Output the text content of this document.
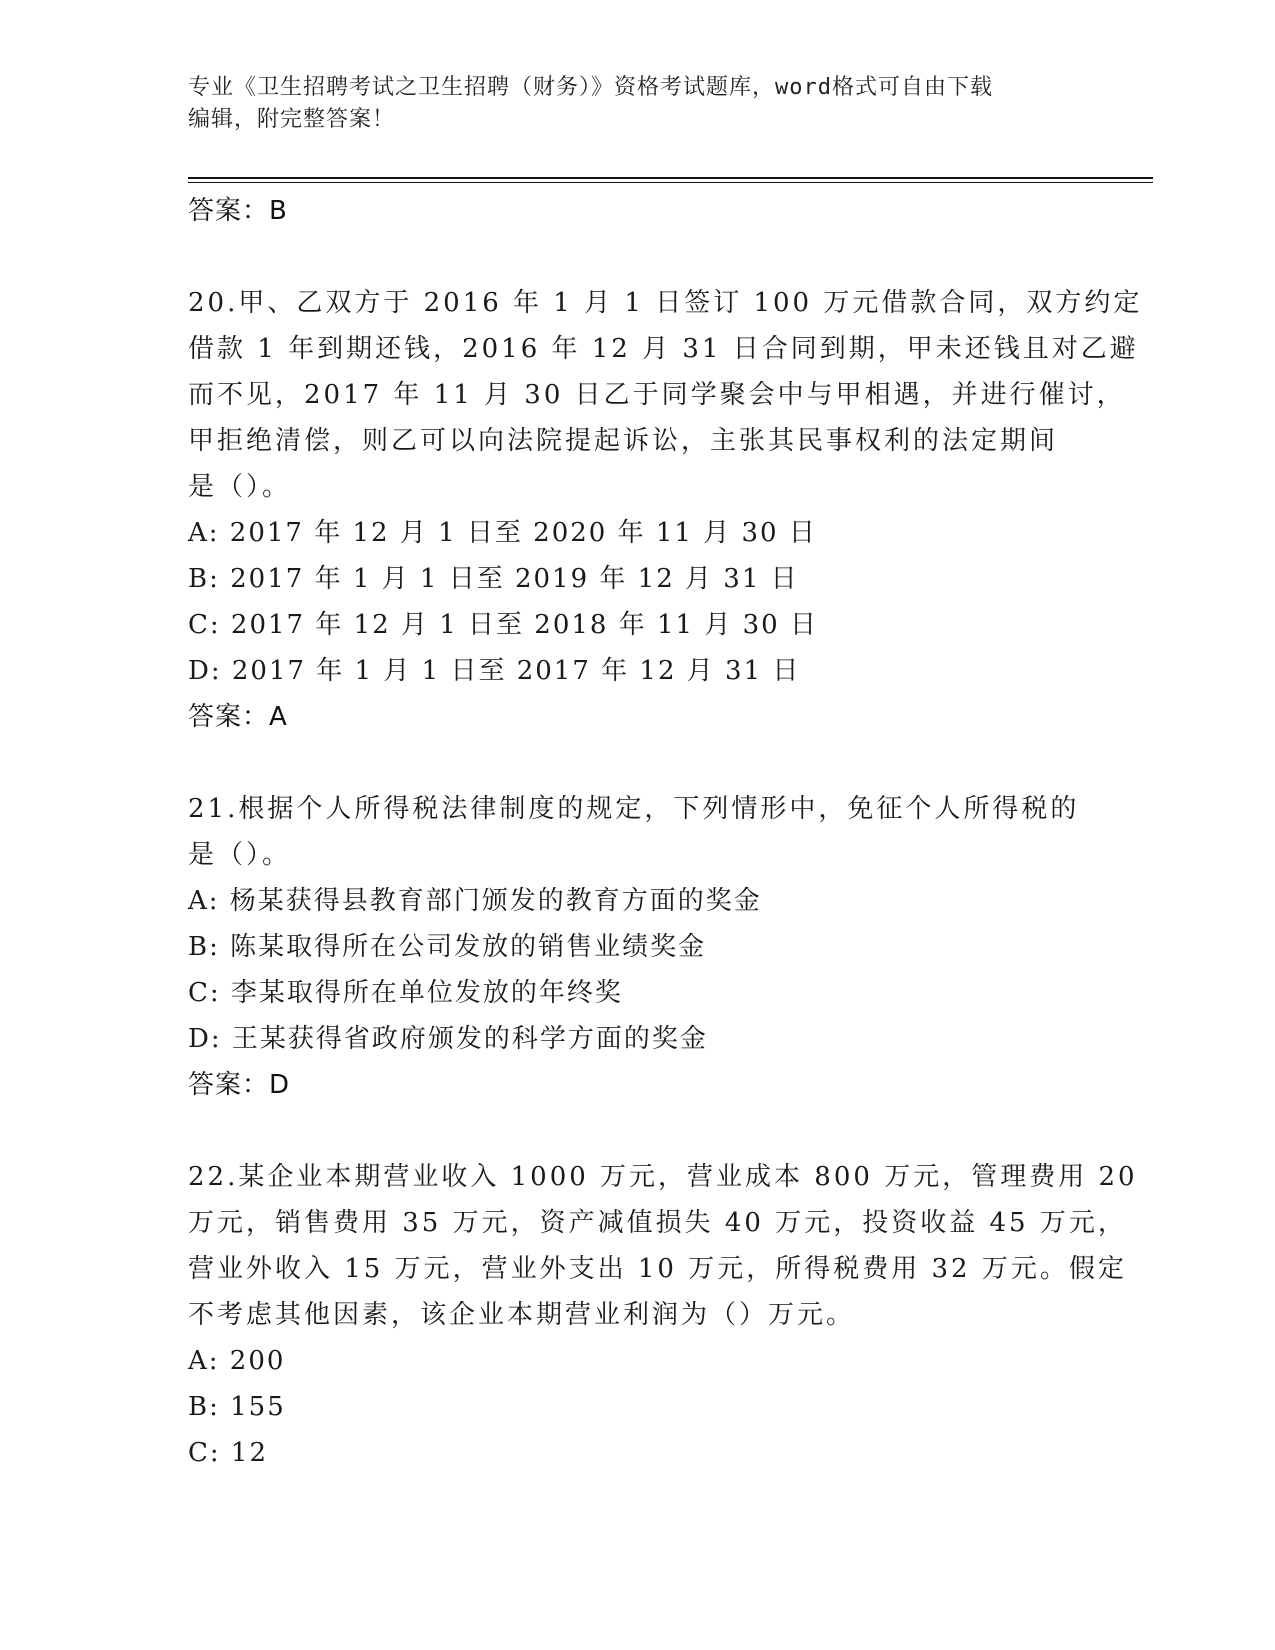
专业《卫生招聘考试之卫生招聘（财务）》资格考试题库，word格式可自由下载
编辑，附完整答案！
答案：B
20.甲、乙双方于 2016 年 1 月 1 日签订 100 万元借款合同，双方约定
借款 1 年到期还钱，2016 年 12 月 31 日合同到期，甲未还钱且对乙避
而不见，2017 年 11 月 30 日乙于同学聚会中与甲相遇，并进行催讨，
甲拒绝清偿，则乙可以向法院提起诉讼，主张其民事权利的法定期间
是（）。
A: 2017 年 12 月 1 日至 2020 年 11 月 30 日
B: 2017 年 1 月 1 日至 2019 年 12 月 31 日
C: 2017 年 12 月 1 日至 2018 年 11 月 30 日
D: 2017 年 1 月 1 日至 2017 年 12 月 31 日
答案：A
21.根据个人所得税法律制度的规定，下列情形中，免征个人所得税的
是（）。
A: 杨某获得县教育部门颁发的教育方面的奖金
B: 陈某取得所在公司发放的销售业绩奖金
C: 李某取得所在单位发放的年终奖
D: 王某获得省政府颁发的科学方面的奖金
答案：D
22.某企业本期营业收入 1000 万元，营业成本 800 万元，管理费用 20
万元，销售费用 35 万元，资产减值损失 40 万元，投资收益 45 万元，
营业外收入 15 万元，营业外支出 10 万元，所得税费用 32 万元。假定
不考虑其他因素，该企业本期营业利润为（）万元。
A: 200
B: 155
C: 12
